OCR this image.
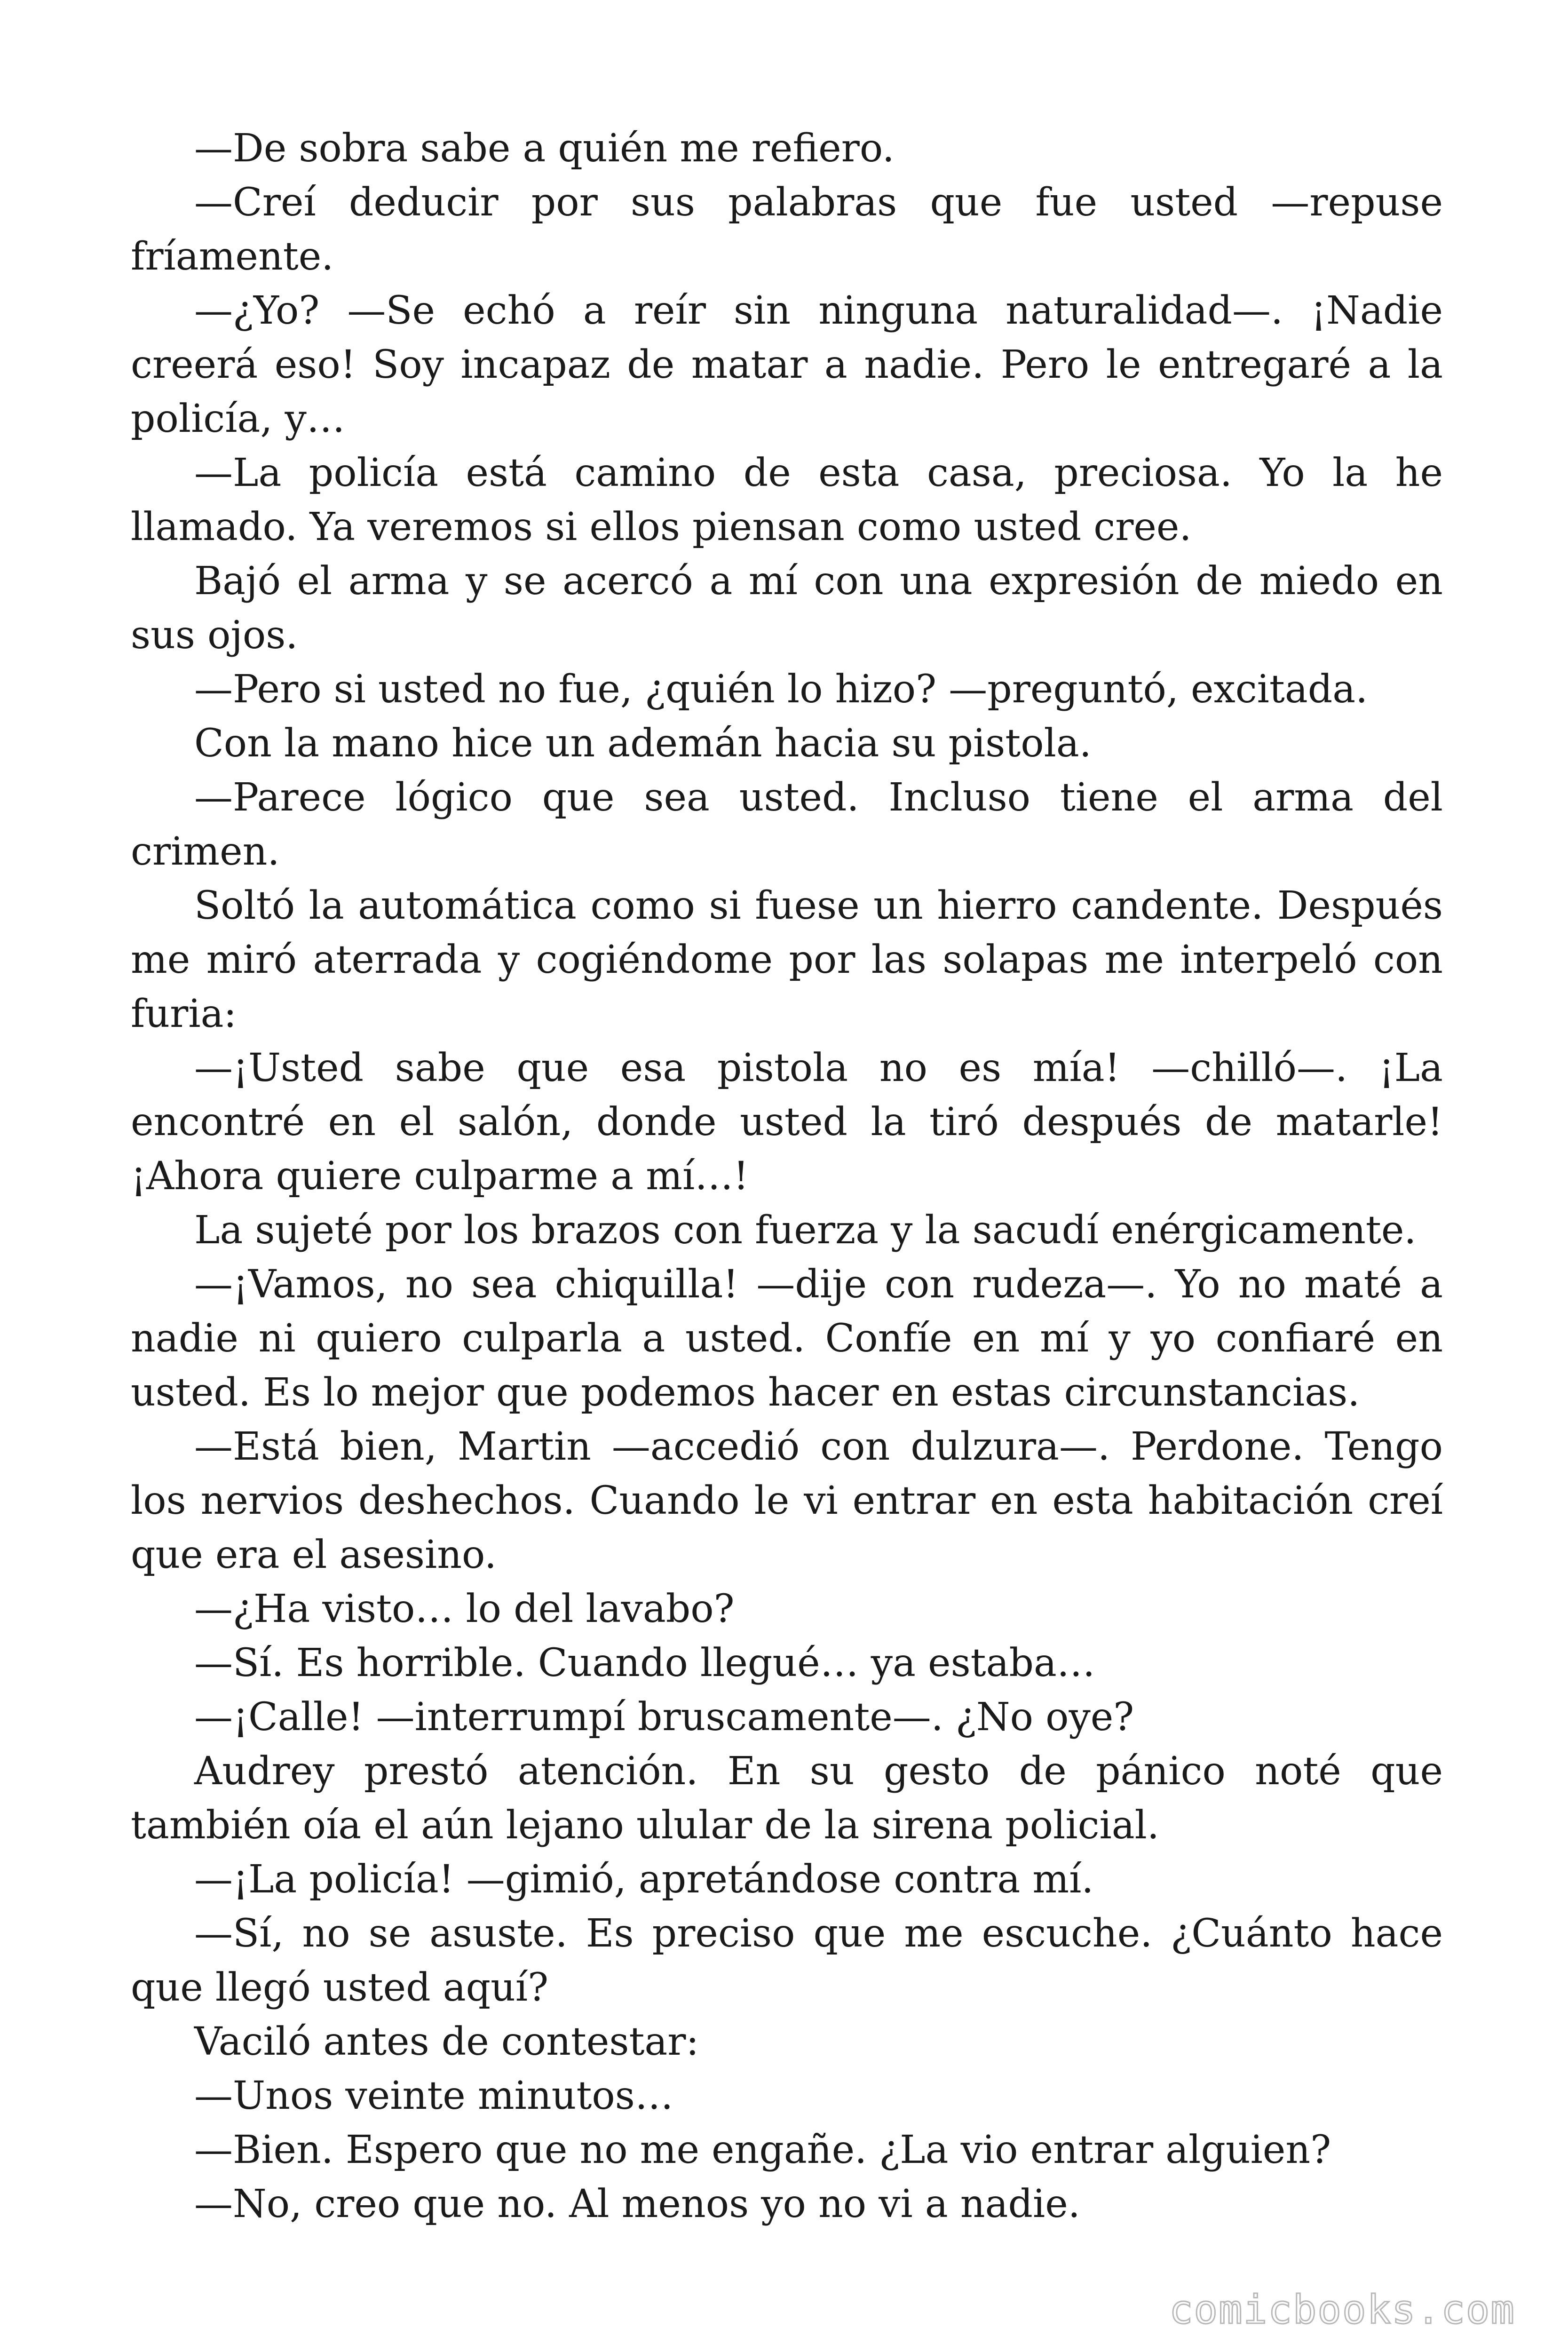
—De sobra sabe a quién me refiero.

—Creí deducir por sus palabras que fue usted —repuse fríamente.

—¿Yo? —Se echó a reír sin ninguna naturalidad—. ¡Nadie creerá eso! Soy incapaz de matar a nadie. Pero le entregaré a la policía, y…

—La policía está camino de esta casa, preciosa. Yo la he llamado. Ya veremos si ellos piensan como usted cree.

Bajó el arma y se acercó a mí con una expresión de miedo en sus ojos.

—Pero si usted no fue, ¿quién lo hizo? —preguntó, excitada.

Con la mano hice un ademán hacia su pistola.

—Parece lógico que sea usted. Incluso tiene el arma del crimen.

Soltó la automática como si fuese un hierro candente. Después me miró aterrada y cogiéndome por las solapas me interpeló con furia:

—¡Usted sabe que esa pistola no es mía! —chilló—. ¡La encontré en el salón, donde usted la tiró después de matarle! ¡Ahora quiere culparme a mí…!

La sujeté por los brazos con fuerza y la sacudí enérgicamente.

—¡Vamos, no sea chiquilla! —dije con rudeza—. Yo no maté a nadie ni quiero culparla a usted. Confíe en mí y yo confiaré en usted. Es lo mejor que podemos hacer en estas circunstancias.

—Está bien, Martin —accedió con dulzura—. Perdone. Tengo los nervios deshechos. Cuando le vi entrar en esta habitación creí que era el asesino.

—¿Ha visto… lo del lavabo?

—Sí. Es horrible. Cuando llegué… ya estaba…

—¡Calle! —interrumpí bruscamente—. ¿No oye?

Audrey prestó atención. En su gesto de pánico noté que también oía el aún lejano ulular de la sirena policial.

—¡La policía! —gimió, apretándose contra mí.

—Sí, no se asuste. Es preciso que me escuche. ¿Cuánto hace que llegó usted aquí?

Vaciló antes de contestar:

—Unos veinte minutos…

—Bien. Espero que no me engañe. ¿La vio entrar alguien?

—No, creo que no. Al menos yo no vi a nadie.

comicbooks.com
